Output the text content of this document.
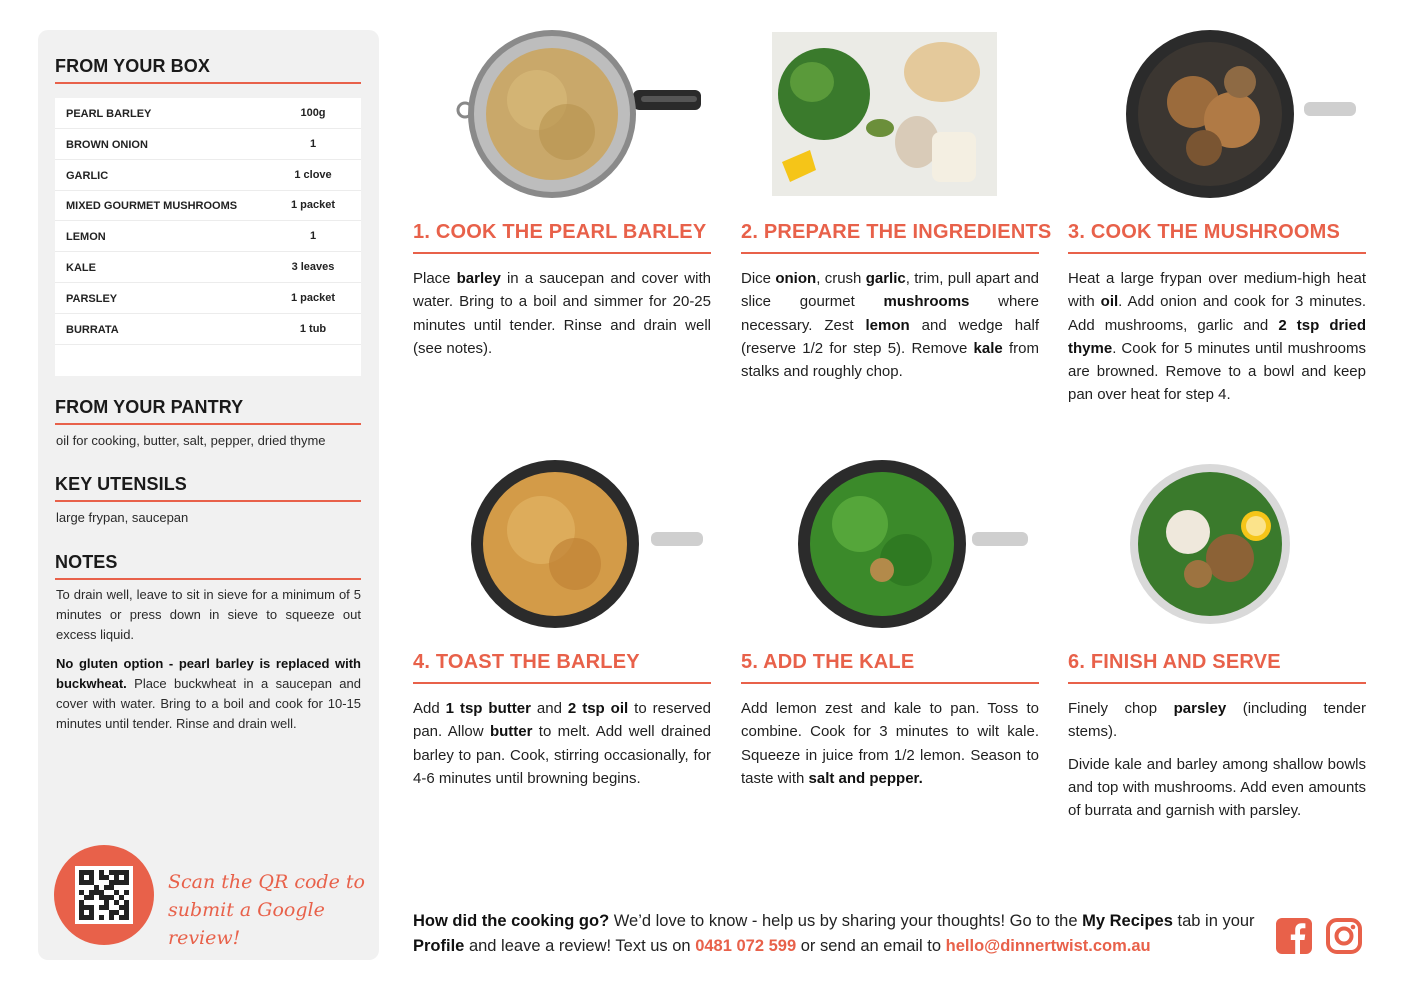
FROM YOUR BOX
PEARL BARLEY	100g
BROWN ONION	1
GARLIC	1 clove
MIXED GOURMET MUSHROOMS	1 packet
LEMON	1
KALE	3 leaves
PARSLEY	1 packet
BURRATA	1 tub
FROM YOUR PANTRY
oil for cooking, butter, salt, pepper, dried thyme
KEY UTENSILS
large frypan, saucepan
NOTES
To drain well, leave to sit in sieve for a minimum of 5 minutes or press down in sieve to squeeze out excess liquid.
No gluten option - pearl barley is replaced with buckwheat. Place buckwheat in a saucepan and cover with water. Bring to a boil and cook for 10-15 minutes until tender. Rinse and drain well.
Scan the QR code to
submit a Google review!
1. COOK THE PEARL BARLEY
Place barley in a saucepan and cover with water. Bring to a boil and simmer for 20-25 minutes until tender. Rinse and drain well (see notes).
2. PREPARE THE INGREDIENTS
Dice onion, crush garlic, trim, pull apart and slice gourmet mushrooms where necessary. Zest lemon and wedge half (reserve 1/2 for step 5). Remove kale from stalks and roughly chop.
3. COOK THE MUSHROOMS
Heat a large frypan over medium-high heat with oil. Add onion and cook for 3 minutes. Add mushrooms, garlic and 2 tsp dried thyme. Cook for 5 minutes until mushrooms are browned. Remove to a bowl and keep pan over heat for step 4.
4. TOAST THE BARLEY
Add 1 tsp butter and 2 tsp oil to reserved pan. Allow butter to melt. Add well drained barley to pan. Cook, stirring occasionally, for 4-6 minutes until browning begins.
5. ADD THE KALE
Add lemon zest and kale to pan. Toss to combine. Cook for 3 minutes to wilt kale. Squeeze in juice from 1/2 lemon. Season to taste with salt and pepper.
6. FINISH AND SERVE
Finely chop parsley (including tender stems).
Divide kale and barley among shallow bowls and top with mushrooms. Add even amounts of burrata and garnish with parsley.
How did the cooking go? We’d love to know - help us by sharing your thoughts! Go to the My Recipes tab in your Profile and leave a review! Text us on 0481 072 599 or send an email to hello@dinnertwist.com.au
